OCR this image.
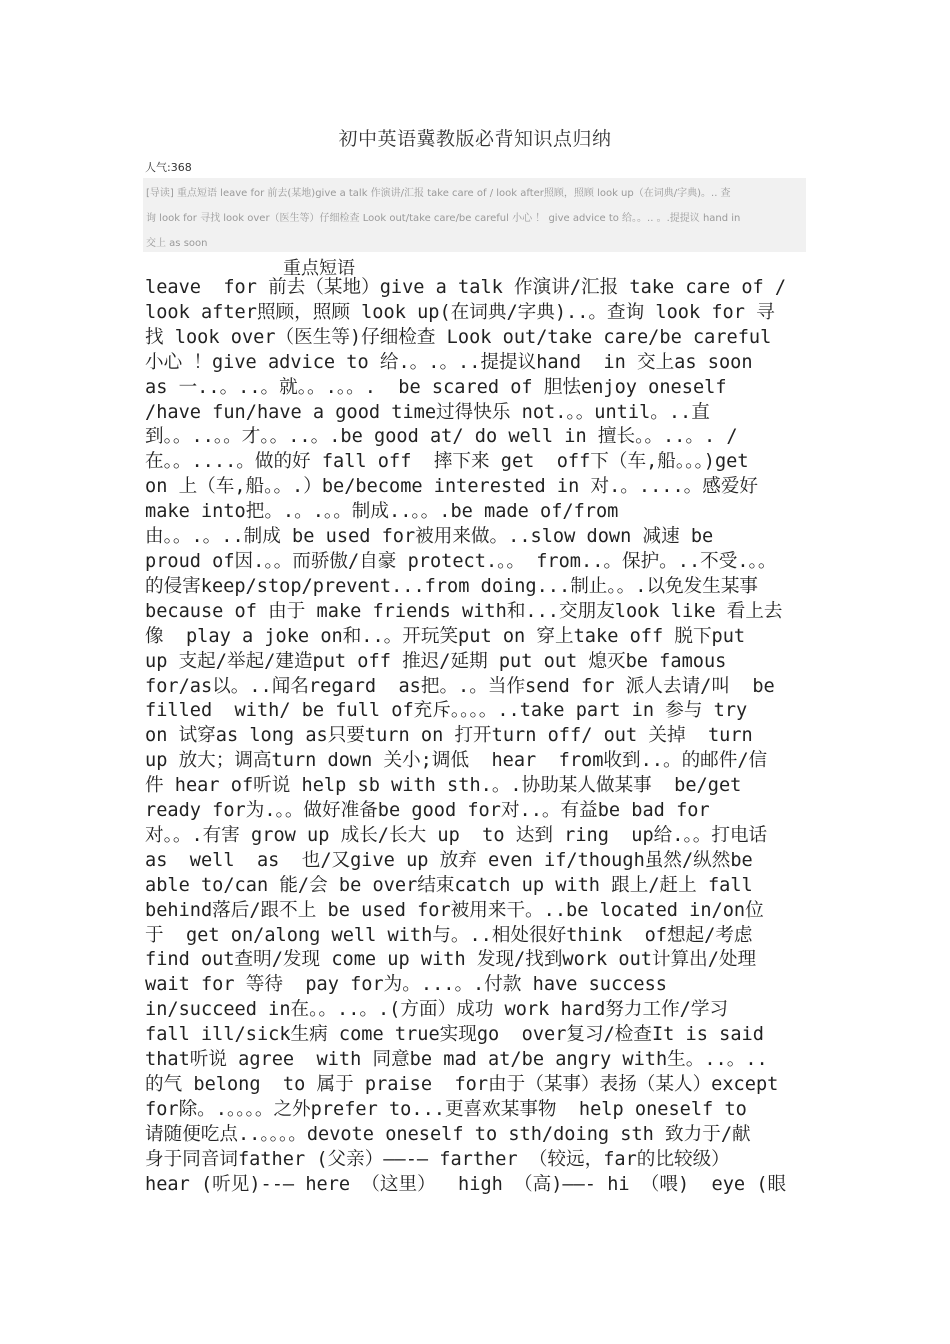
初中英语冀教版必背知识点归纳
人气:368
[导读] 重点短语 leave for 前去(某地)give a talk 作演讲/汇报 take care of / look after照顾，照顾 look up（在词典/字典)。.. 查
询 look for 寻找 look over（医生等）仔细检查 Look out/take care/be careful 小心 ！ give advice to 给。。.. 。.提提议 hand in
交上 as soon
重点短语
leave  for 前去（某地）give a talk 作演讲/汇报 take care of /
look after照顾，照顾 look up(在词典/字典)..。查询 look for 寻
找 look over（医生等)仔细检查 Look out/take care/be careful
小心 ！give advice to 给.。.。..提提议hand  in 交上as soon
as 一..。..。就。。.。。.  be scared of 胆怯enjoy oneself
/have fun/have a good time过得快乐 not.。。until。..直
到。。..。。才。。..。.be good at/ do well in 擅长。。..。. /
在。。....。做的好 fall off  摔下来 get  off下（车,船。。。)get
on 上（车,船。。.）be/become interested in 对.。....。感爱好
make into把。.。.。。制成..。。.be made of/from
由。。.。..制成 be used for被用来做。..slow down 减速 be
proud of因.。。而骄傲/自豪 protect.。。 from..。保护。..不受.。。
的侵害keep/stop/prevent...from doing...制止。。.以免发生某事
because of 由于 make friends with和...交朋友look like 看上去
像  play a joke on和..。开玩笑put on 穿上take off 脱下put
up 支起/举起/建造put off 推迟/延期 put out 熄灭be famous
for/as以。..闻名regard  as把。.。当作send for 派人去请/叫  be
filled  with/ be full of充斥。。。。..take part in 参与 try
on 试穿as long as只要turn on 打开turn off/ out 关掉  turn
up 放大；调高turn down 关小;调低  hear  from收到..。的邮件/信
件 hear of听说 help sb with sth.。.协助某人做某事  be/get
ready for为.。。做好准备be good for对..。有益be bad for
对。。.有害 grow up 成长/长大 up  to 达到 ring  up给.。。打电话
as  well  as  也/又give up 放弃 even if/though虽然/纵然be
able to/can 能/会 be over结束catch up with 跟上/赶上 fall
behind落后/跟不上 be used for被用来干。..be located in/on位
于  get on/along well with与。..相处很好think  of想起/考虑
find out查明/发现 come up with 发现/找到work out计算出/处理
wait for 等待  pay for为。...。.付款 have success
in/succeed in在。。..。.(方面）成功 work hard努力工作/学习
fall ill/sick生病 come true实现go  over复习/检查It is said
that听说 agree  with 同意be mad at/be angry with生。..。..
的气 belong  to 属于 praise  for由于（某事）表扬（某人）except
for除。.。。。。之外prefer to...更喜欢某事物  help oneself to
请随便吃点..。。。。devote oneself to sth/doing sth 致力于/献
身于同音词father (父亲）——-— farther （较远，far的比较级）
hear (听见)--— here （这里）  high （高)——- hi （喂)  eye (眼
